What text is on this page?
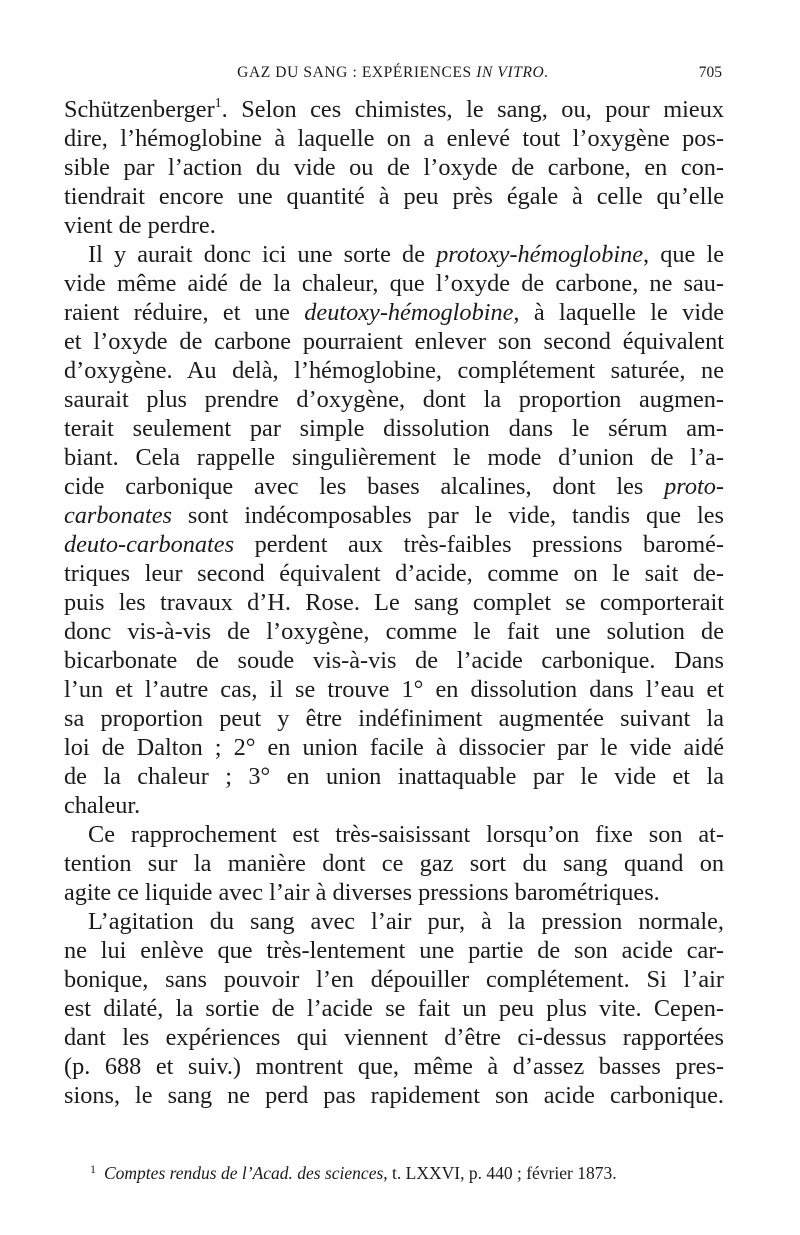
GAZ DU SANG : EXPÉRIENCES IN VITRO.	705
Schützenberger$^1$. Selon ces chimistes, le sang, ou, pour mieux
dire, l’hémoglobine à laquelle on a enlevé tout l’oxygène pos-
sible par l’action du vide ou de l’oxyde de carbone, en con-
tiendrait encore une quantité à peu près égale à celle qu’elle
vient de perdre.
Il y aurait donc ici une sorte de protoxy-hémoglobine, que le
vide même aidé de la chaleur, que l’oxyde de carbone, ne sau-
raient réduire, et une deutoxy-hémoglobine, à laquelle le vide
et l’oxyde de carbone pourraient enlever son second équivalent
d’oxygène. Au delà, l’hémoglobine, complétement saturée, ne
saurait plus prendre d’oxygène, dont la proportion augmen-
terait seulement par simple dissolution dans le sérum am-
biant. Cela rappelle singulièrement le mode d’union de l’a-
cide carbonique avec les bases alcalines, dont les proto-
carbonates sont indécomposables par le vide, tandis que les
deuto-carbonates perdent aux très-faibles pressions baromé-
triques leur second équivalent d’acide, comme on le sait de-
puis les travaux d’H. Rose. Le sang complet se comporterait
donc vis-à-vis de l’oxygène, comme le fait une solution de
bicarbonate de soude vis-à-vis de l’acide carbonique. Dans
l’un et l’autre cas, il se trouve 1° en dissolution dans l’eau et
sa proportion peut y être indéfiniment augmentée suivant la
loi de Dalton ; 2° en union facile à dissocier par le vide aidé
de la chaleur ; 3° en union inattaquable par le vide et la
chaleur.
Ce rapprochement est très-saisissant lorsqu’on fixe son at-
tention sur la manière dont ce gaz sort du sang quand on
agite ce liquide avec l’air à diverses pressions barométriques.
L’agitation du sang avec l’air pur, à la pression normale,
ne lui enlève que très-lentement une partie de son acide car-
bonique, sans pouvoir l’en dépouiller complétement. Si l’air
est dilaté, la sortie de l’acide se fait un peu plus vite. Cepen-
dant les expériences qui viennent d’être ci-dessus rapportées
(p. 688 et suiv.) montrent que, même à d’assez basses pres-
sions, le sang ne perd pas rapidement son acide carbonique.
$^1$ Comptes rendus de l’Acad. des sciences, t. LXXVI, p. 440 ; février 1873.
